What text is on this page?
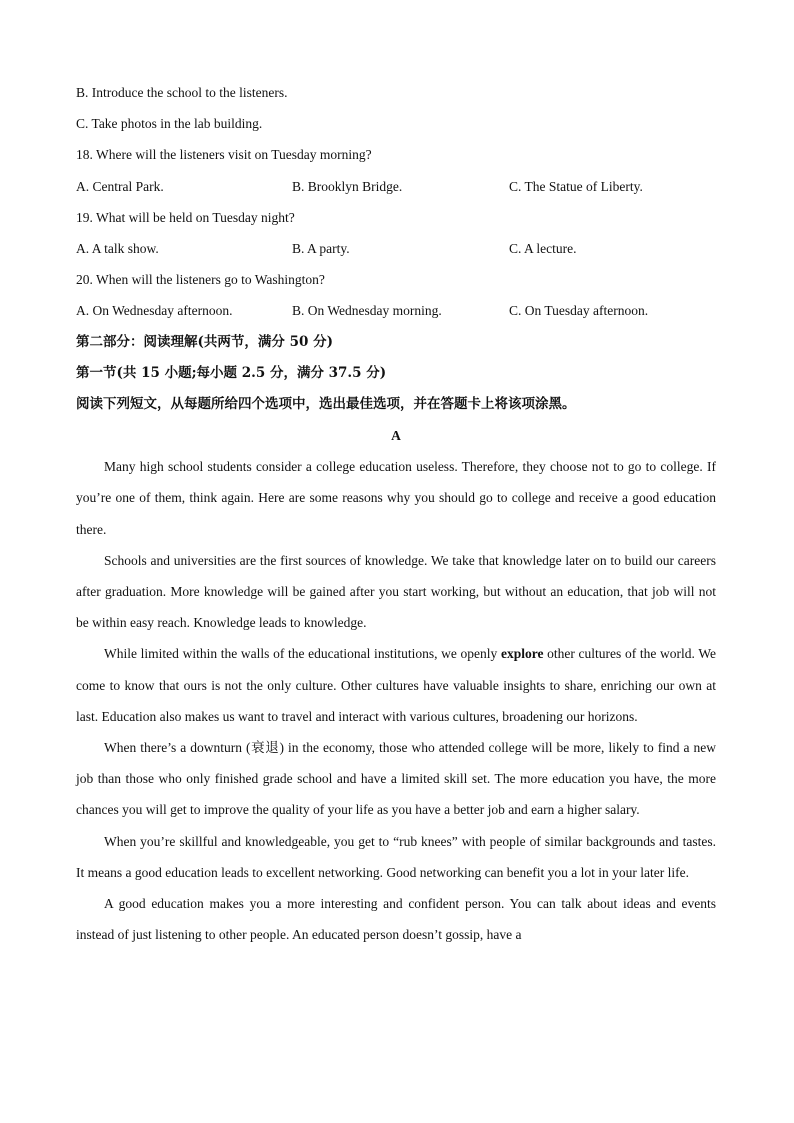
B. Introduce the school to the listeners.
C. Take photos in the lab building.
18. Where will the listeners visit on Tuesday morning?
A. Central Park.	B. Brooklyn Bridge.	C. The Statue of Liberty.
19. What will be held on Tuesday night?
A. A talk show.	B. A party.	C. A lecture.
20. When will the listeners go to Washington?
A. On Wednesday afternoon.	B. On Wednesday morning.	C. On Tuesday afternoon.
第二部分：阅读理解(共两节，满分 50 分)
第一节(共 15 小题;每小题 2.5 分，满分 37.5 分)
阅读下列短文，从每题所给四个选项中，选出最佳选项，并在答题卡上将该项涂黑。
A

Many high school students consider a college education useless. Therefore, they choose not to go to college. If you’re one of them, think again. Here are some reasons why you should go to college and receive a good education there.

Schools and universities are the first sources of knowledge. We take that knowledge later on to build our careers after graduation. More knowledge will be gained after you start working, but without an education, that job will not be within easy reach. Knowledge leads to knowledge.

While limited within the walls of the educational institutions, we openly explore other cultures of the world. We come to know that ours is not the only culture. Other cultures have valuable insights to share, enriching our own at last. Education also makes us want to travel and interact with various cultures, broadening our horizons.

When there’s a downturn (衰退) in the economy, those who attended college will be more, likely to find a new job than those who only finished grade school and have a limited skill set. The more education you have, the more chances you will get to improve the quality of your life as you have a better job and earn a higher salary.

When you’re skillful and knowledgeable, you get to “rub knees” with people of similar backgrounds and tastes. It means a good education leads to excellent networking. Good networking can benefit you a lot in your later life.

A good education makes you a more interesting and confident person. You can talk about ideas and events instead of just listening to other people. An educated person doesn’t gossip, have a
